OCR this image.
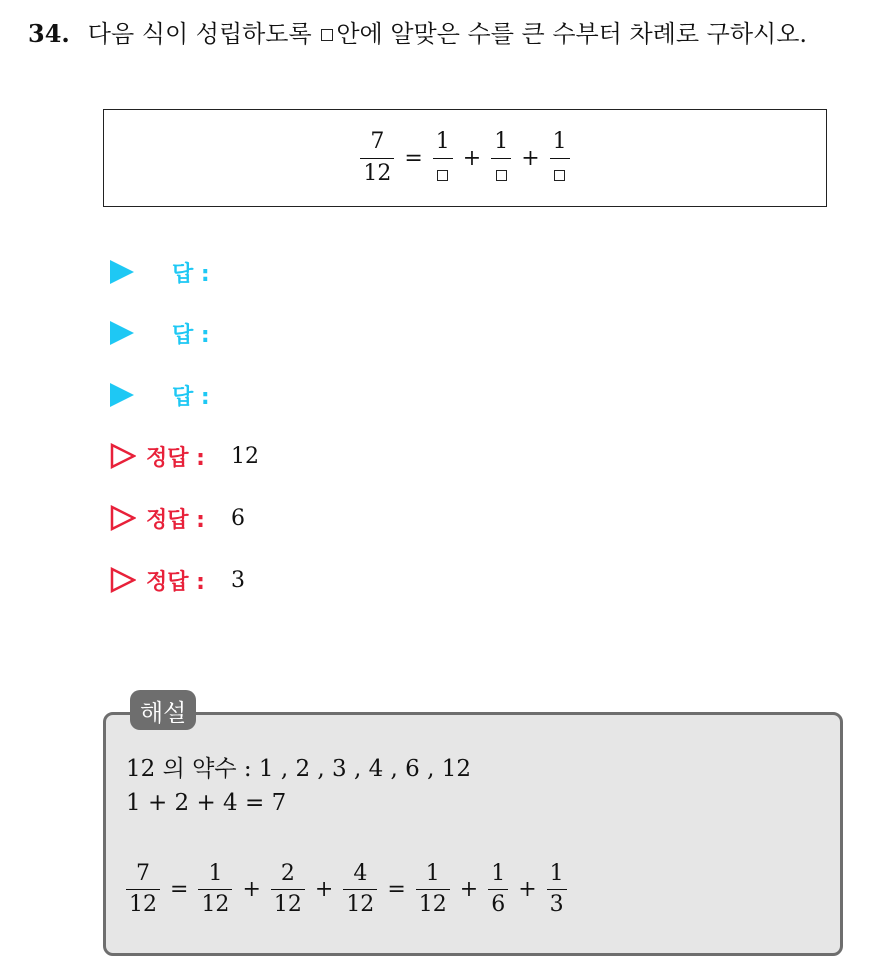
34. 다음 식이 성립하도록 안에 알맞은 수를 큰 수부터 차례로 구하시오.
$\frac{7}{12}$ =
1
+
1
+
1
답 :
답 :
답 :
정답 : 12
정답 : 6
정답 : 3
해설
12 의 약수 : 1 , 2 , 3 , 4 , 6 , 12
1 + 2 + 4 = 7
$\frac{7}{12} = \frac{1}{12} + \frac{2}{12} + \frac{4}{12} = \frac{1}{12} + \frac{1}{6} + \frac{1}{3}$
